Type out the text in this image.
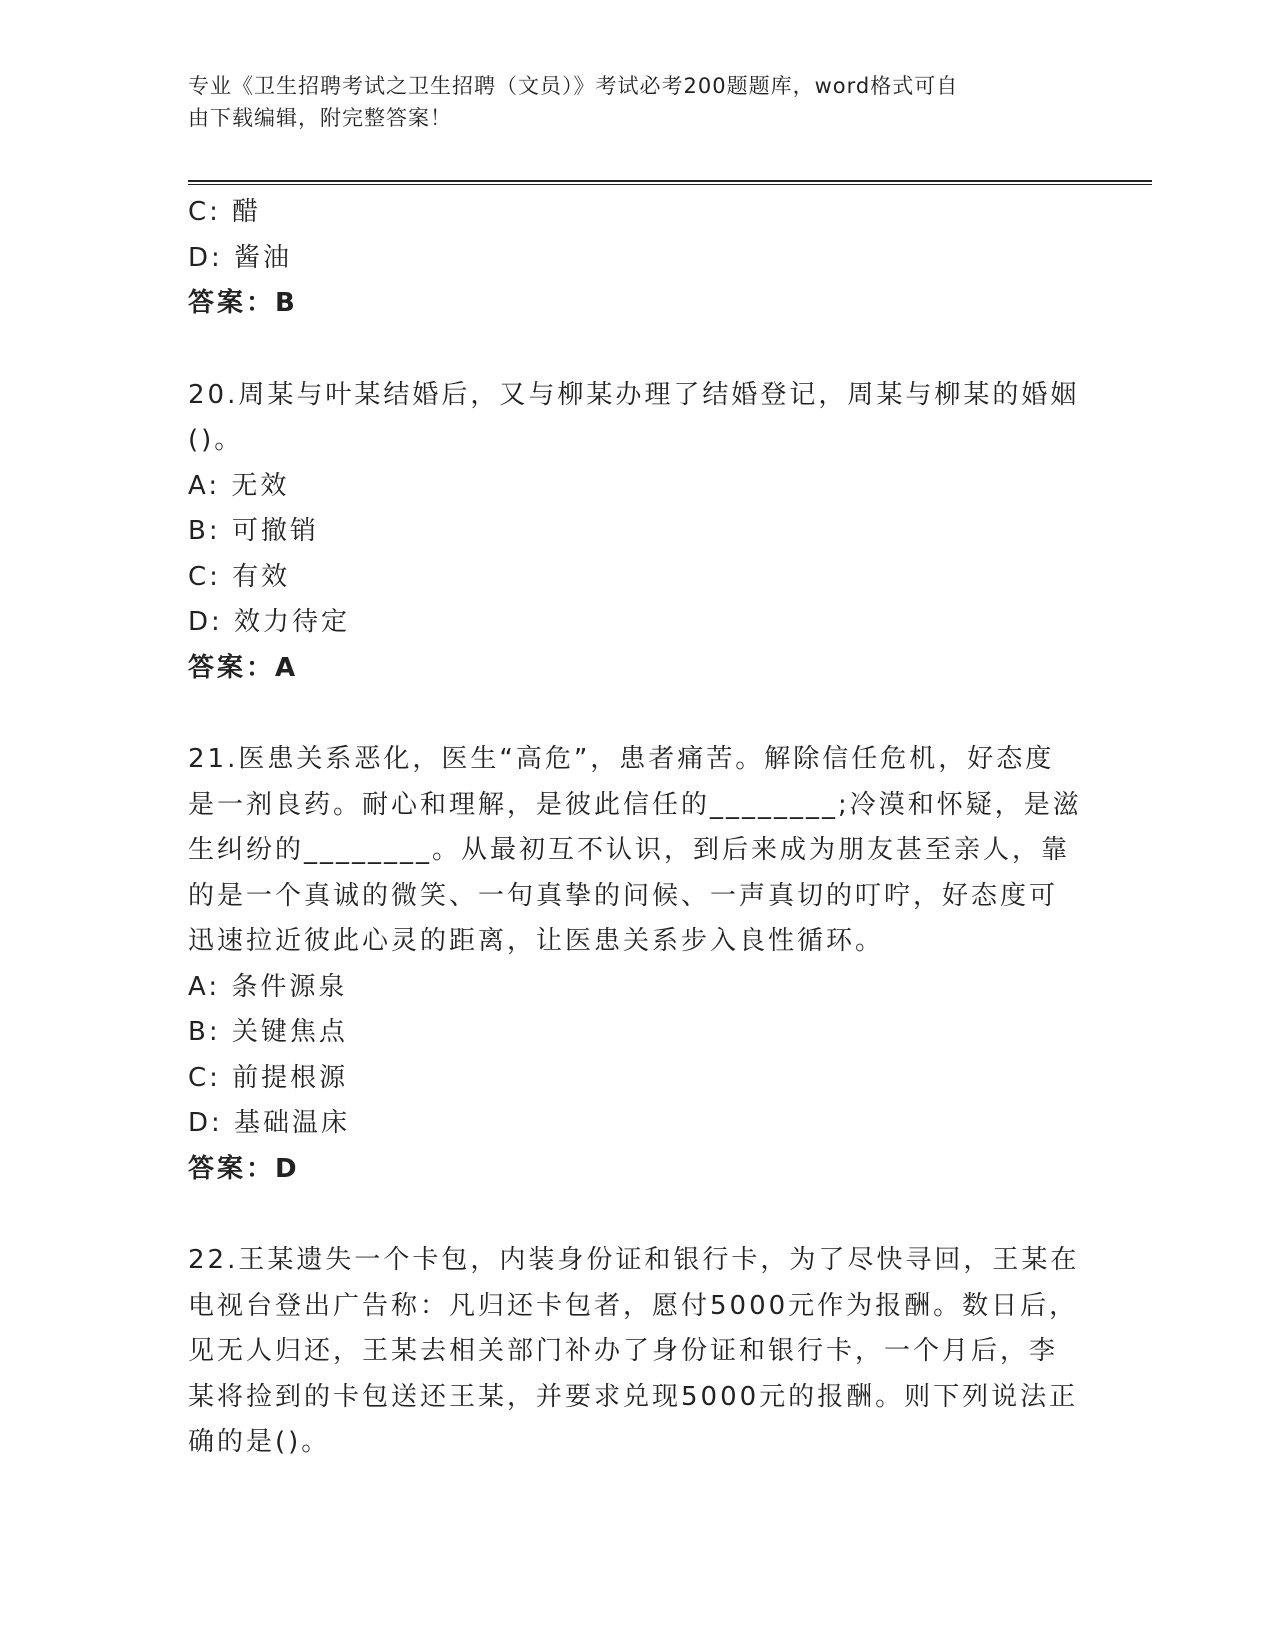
专业《卫生招聘考试之卫生招聘（文员）》考试必考200题题库，word格式可自
由下载编辑，附完整答案！
C: 醋
D: 酱油
答案：B
20.周某与叶某结婚后，又与柳某办理了结婚登记，周某与柳某的婚姻
()。
A: 无效
B: 可撤销
C: 有效
D: 效力待定
答案：A
21.医患关系恶化，医生“高危”，患者痛苦。解除信任危机，好态度
是一剂良药。耐心和理解，是彼此信任的________;冷漠和怀疑，是滋
生纠纷的________。从最初互不认识，到后来成为朋友甚至亲人，靠
的是一个真诚的微笑、一句真挚的问候、一声真切的叮咛，好态度可
迅速拉近彼此心灵的距离，让医患关系步入良性循环。
A: 条件源泉
B: 关键焦点
C: 前提根源
D: 基础温床
答案：D
22.王某遗失一个卡包，内装身份证和银行卡，为了尽快寻回，王某在
电视台登出广告称：凡归还卡包者，愿付5000元作为报酬。数日后，
见无人归还，王某去相关部门补办了身份证和银行卡，一个月后，李
某将捡到的卡包送还王某，并要求兑现5000元的报酬。则下列说法正
确的是()。
